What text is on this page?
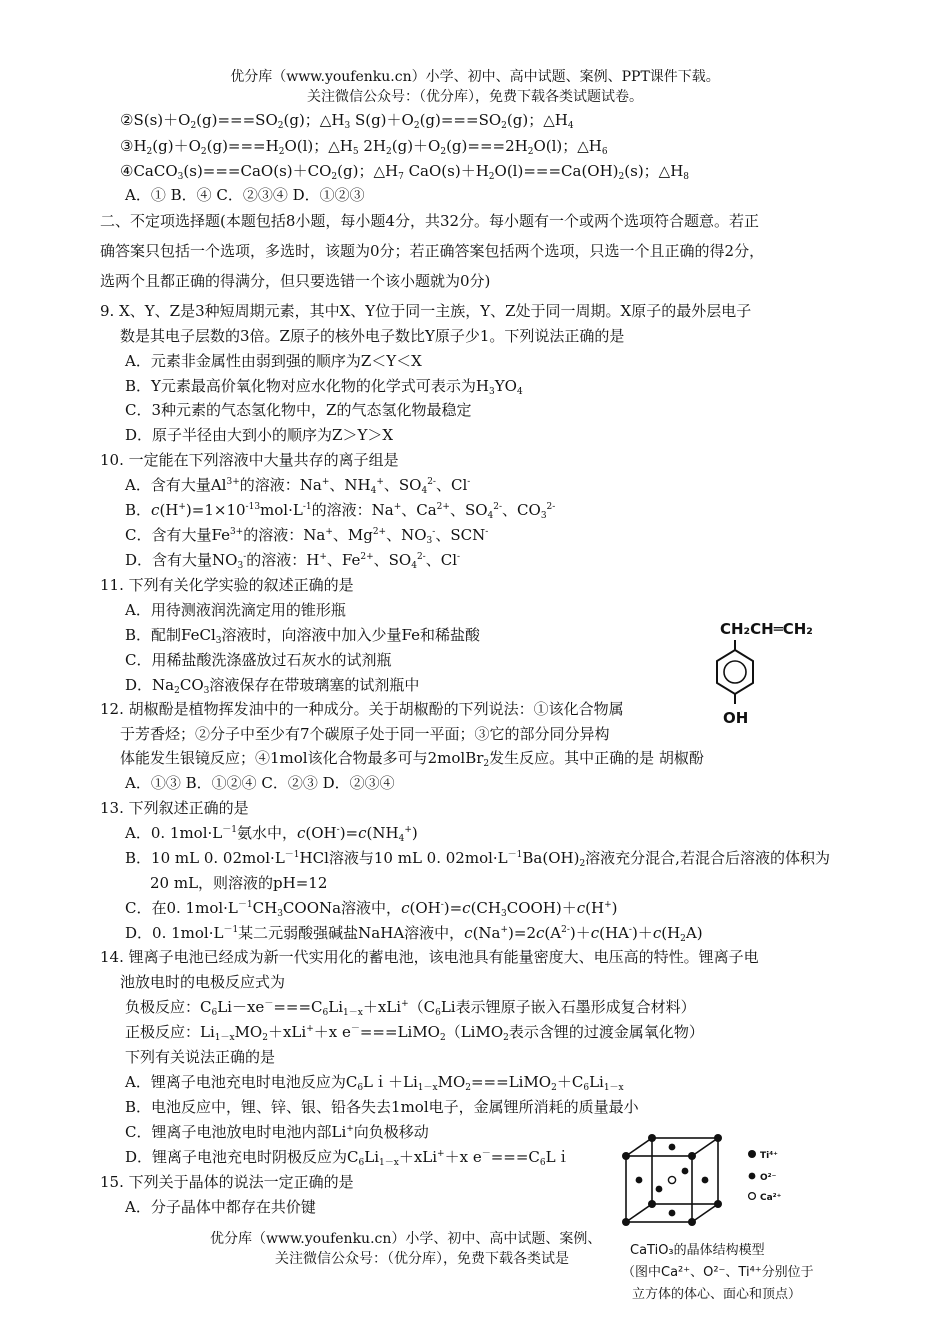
优分库（www.youfenku.cn）小学、初中、高中试题、案例、PPT课件下载。
关注微信公众号：（优分库），免费下载各类试题试卷。
$②S(s)+O_2(g)===SO_2(g)$；$\triangle H_3$ $S(g)+O_2(g)===SO_2(g)$；$\triangle H_4$
$③H_2(g)+O_2(g)===H_2O(l)$；$\triangle H_5$ $2H_2(g)+O_2(g)===2H_2O(l)$；$\triangle H_6$
$④CaCO_3(s)===CaO(s)+CO_2(g)$；$\triangle H_7$ $CaO(s)+H_2O(l)===Ca(OH)_2(s)$；$\triangle H_8$
A．① B．④ C．②③④ D．①②③
二、不定项选择题(本题包括8小题，每小题4分，共32分。每小题有一个或两个选项符合题意。若正
确答案只包括一个选项，多选时，该题为0分；若正确答案包括两个选项，只选一个且正确的得2分，
选两个且都正确的得满分，但只要选错一个该小题就为0分)
9. X、Y、Z是3种短周期元素，其中X、Y位于同一主族，Y、Z处于同一周期。X原子的最外层电子
数是其电子层数的3倍。Z原子的核外电子数比Y原子少1。下列说法正确的是
A．元素非金属性由弱到强的顺序为Z＜Y＜X
B．Y元素最高价氧化物对应水化物的化学式可表示为$H_3YO_4$
C．3种元素的气态氢化物中，Z的气态氢化物最稳定
D．原子半径由大到小的顺序为Z＞Y＞X
10. 一定能在下列溶液中大量共存的离子组是
A．含有大量$Al^{3+}$的溶液：Na+、$NH_4^+$、$SO_4^{2-}$、Cl-
B．$c(H^+)=1\times 10^{-13}mol\cdot L^{-1}$的溶液：Na+、$Ca^{2+}$、$SO_4^{2-}$、$CO_3^{2-}$
C．含有大量$Fe^{3+}$的溶液：Na+、$Mg^{2+}$、$NO_3^-$、SCN-
D．含有大量$NO_3^-$的溶液：H+、$Fe^{2+}$、$SO_4^{2-}$、Cl-
11. 下列有关化学实验的叙述正确的是
A．用待测液润洗滴定用的锥形瓶
B．配制FeCl$_3$溶液时，向溶液中加入少量Fe和稀盐酸
C．用稀盐酸洗涤盛放过石灰水的试剂瓶
D．$Na_2CO_3$溶液保存在带玻璃塞的试剂瓶中
12. 胡椒酚是植物挥发油中的一种成分。关于胡椒酚的下列说法：①该化合物属
于芳香烃；②分子中至少有7个碳原子处于同一平面；③它的部分同分异构
体能发生银镜反应；④1mol该化合物最多可与2molBr$_2$发生反应。其中正确的是 胡椒酚
A．①③ B．①②④ C．②③ D．②③④
CH₂CH═CH₂
OH
13. 下列叙述正确的是
A．0. $1mol\cdot L^{-1}$氨水中，$c(OH^-)=c(NH_4^+)$
B．10 mL 0. $02mol\cdot L^{-1}HCl$溶液与10 mL 0. $02mol\cdot L^{-1}Ba(OH)_2$溶液充分混合,若混合后溶液的体积为
20 mL，则溶液的pH=12
C．在0. $1mol\cdot L^{-1}CH_3COONa$溶液中，$c(OH^-)=c(CH_3COOH)+c(H^+)$
D．0. $1mol\cdot L^{-1}$某二元弱酸强碱盐NaHA溶液中，$c(Na^+)=2c(A^{2-})+c(HA^-)+c(H_2A)$
14. 锂离子电池已经成为新一代实用化的蓄电池，该电池具有能量密度大、电压高的特性。锂离子电
池放电时的电极反应式为
负极反应：$C_6Li-xe^-===C_6Li_{1-x}+xLi^+(C_6Li$表示锂原子嵌入石墨形成复合材料）
正极反应：$Li_{1-x}MO_2+xLi^++x$ e－===LiMO$_2$（LiMO$_2$表示含锂的过渡金属氧化物）
下列有关说法正确的是
A．锂离子电池充电时电池反应为$C_6Li+Li_{1-x}MO_2===LiMO_2+C_6Li_{1-x}$
B．电池反应中，锂、锌、银、铅各失去1mol电子，金属锂所消耗的质量最小
C．锂离子电池放电时电池内部Li+向负极移动
D．锂离子电池充电时阴极反应为$C_6Li_{1-x}+xLi^++x$ $e^-===C_6Li$
15. 下列关于晶体的说法一定正确的是
A．分子晶体中都存在共价键
优分库（www.youfenku.cn）小学、初中、高中试题、案例、
关注微信公众号：（优分库），免费下载各类试是
Ti⁴⁺
O²⁻
Ca²⁺
CaTiO₃的晶体结构模型
（图中Ca²⁺、O²⁻、Ti⁴⁺分别位于
立方体的体心、面心和顶点）
